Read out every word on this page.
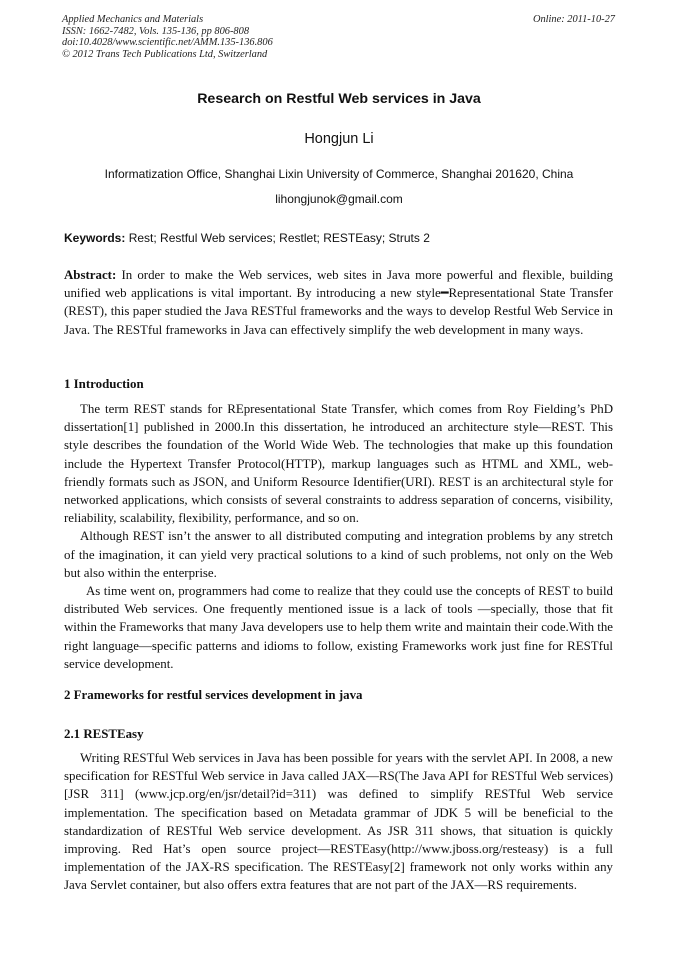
Applied Mechanics and Materials
ISSN: 1662-7482, Vols. 135-136, pp 806-808
doi:10.4028/www.scientific.net/AMM.135-136.806
© 2012 Trans Tech Publications Ltd, Switzerland
Online: 2011-10-27
Research on Restful Web services in Java
Hongjun Li
Informatization Office, Shanghai Lixin University of Commerce, Shanghai 201620, China
lihongjunok@gmail.com
Keywords: Rest; Restful Web services; Restlet; RESTEasy; Struts 2

Abstract: In order to make the Web services, web sites in Java more powerful and flexible, building unified web applications is vital important. By introducing a new style━Representational State Transfer (REST), this paper studied the Java RESTful frameworks and the ways to develop Restful Web Service in Java. The RESTful frameworks in Java can effectively simplify the web development in many ways.

1 Introduction

The term REST stands for REpresentational State Transfer, which comes from Roy Fielding’s PhD dissertation[1] published in 2000.In this dissertation, he introduced an architecture style—REST. This style describes the foundation of the World Wide Web. The technologies that make up this foundation include the Hypertext Transfer Protocol(HTTP), markup languages such as HTML and XML, web-friendly formats such as JSON, and Uniform Resource Identifier(URI). REST is an architectural style for networked applications, which consists of several constraints to address separation of concerns, visibility, reliability, scalability, flexibility, performance, and so on.

Although REST isn’t the answer to all distributed computing and integration problems by any stretch of the imagination, it can yield very practical solutions to a kind of such problems, not only on the Web but also within the enterprise.

As time went on, programmers had come to realize that they could use the concepts of REST to build distributed Web services. One frequently mentioned issue is a lack of tools —specially, those that fit within the Frameworks that many Java developers use to help them write and maintain their code.With the right language—specific patterns and idioms to follow, existing Frameworks work just fine for RESTful service development.

2 Frameworks for restful services development in java
2.1 RESTEasy

Writing RESTful Web services in Java has been possible for years with the servlet API. In 2008, a new specification for RESTful Web service in Java called JAX—RS(The Java API for RESTful Web services)[JSR 311] (www.jcp.org/en/jsr/detail?id=311) was defined to simplify RESTful Web service implementation. The specification based on Metadata grammar of JDK 5 will be beneficial to the standardization of RESTful Web service development. As JSR 311 shows, that situation is quickly improving. Red Hat’s open source project—RESTEasy(http://www.jboss.org/resteasy) is a full implementation of the JAX-RS specification. The RESTEasy[2] framework not only works within any Java Servlet container, but also offers extra features that are not part of the JAX—RS requirements.
